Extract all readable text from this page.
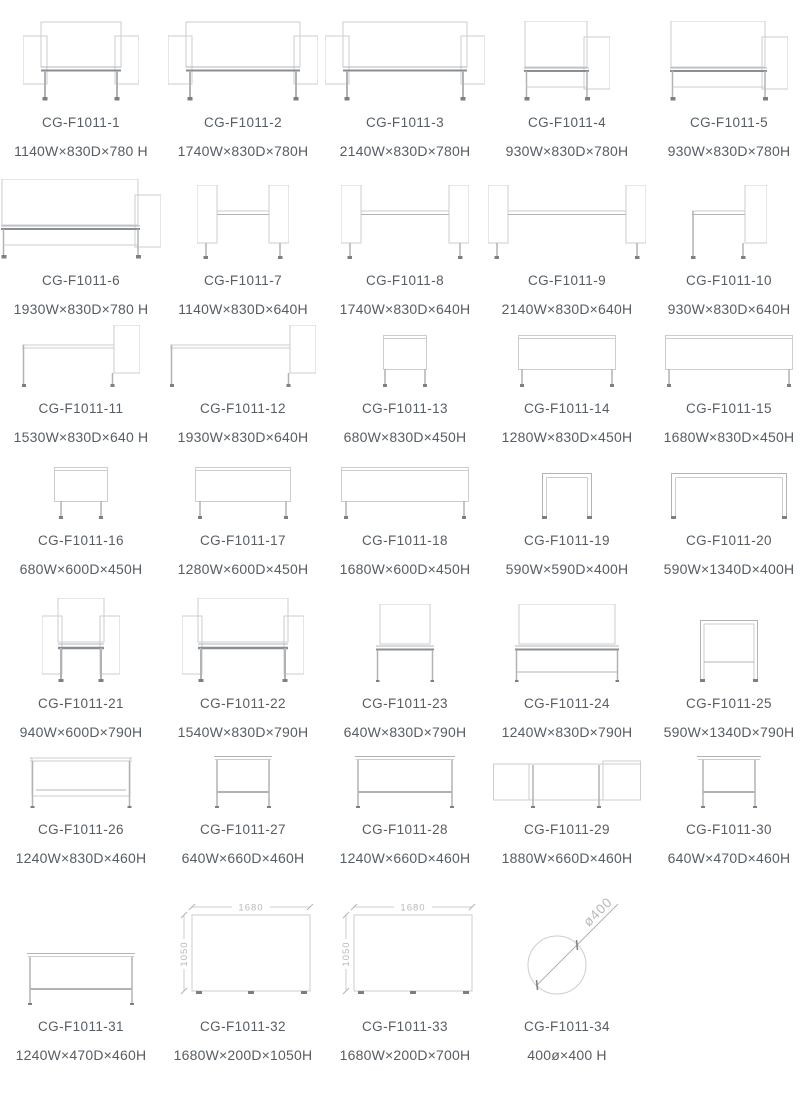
CG-F1011-1
1140W×830D×780 H
CG-F1011-2
1740W×830D×780H
CG-F1011-3
2140W×830D×780H
CG-F1011-4
930W×830D×780H
CG-F1011-5
930W×830D×780H
CG-F1011-6
1930W×830D×780 H
CG-F1011-7
1140W×830D×640H
CG-F1011-8
1740W×830D×640H
CG-F1011-9
2140W×830D×640H
CG-F1011-10
930W×830D×640H
CG-F1011-11
1530W×830D×640 H
CG-F1011-12
1930W×830D×640H
CG-F1011-13
680W×830D×450H
CG-F1011-14
1280W×830D×450H
CG-F1011-15
1680W×830D×450H
CG-F1011-16
680W×600D×450H
CG-F1011-17
1280W×600D×450H
CG-F1011-18
1680W×600D×450H
CG-F1011-19
590W×590D×400H
CG-F1011-20
590W×1340D×400H
CG-F1011-21
940W×600D×790H
CG-F1011-22
1540W×830D×790H
CG-F1011-23
640W×830D×790H
CG-F1011-24
1240W×830D×790H
CG-F1011-25
590W×1340D×790H
CG-F1011-26
1240W×830D×460H
CG-F1011-27
640W×660D×460H
CG-F1011-28
1240W×660D×460H
CG-F1011-29
1880W×660D×460H
CG-F1011-30
640W×470D×460H
CG-F1011-31
1240W×470D×460H
1680
1050
CG-F1011-32
1680W×200D×1050H
1680
1050
CG-F1011-33
1680W×200D×700H
ø400
CG-F1011-34
400ø×400 H
